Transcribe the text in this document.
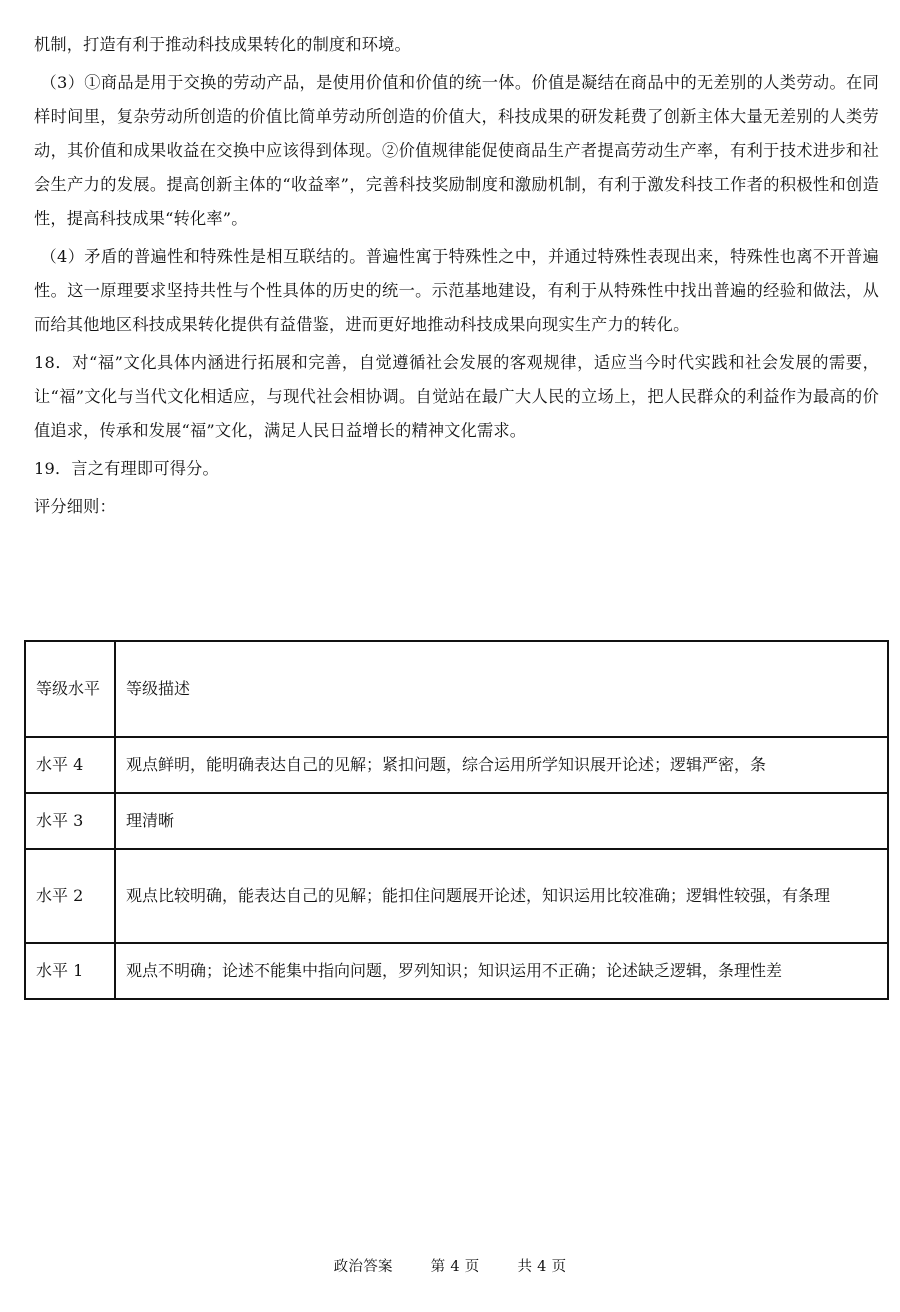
机制，打造有利于推动科技成果转化的制度和环境。

（3）①商品是用于交换的劳动产品，是使用价值和价值的统一体。价值是凝结在商品中的无差别的人类劳动。在同样时间里，复杂劳动所创造的价值比简单劳动所创造的价值大，科技成果的研发耗费了创新主体大量无差别的人类劳动，其价值和成果收益在交换中应该得到体现。②价值规律能促使商品生产者提高劳动生产率，有利于技术进步和社会生产力的发展。提高创新主体的“收益率”，完善科技奖励制度和激励机制，有利于激发科技工作者的积极性和创造性，提高科技成果“转化率”。

（4）矛盾的普遍性和特殊性是相互联结的。普遍性寓于特殊性之中，并通过特殊性表现出来，特殊性也离不开普遍性。这一原理要求坚持共性与个性具体的历史的统一。示范基地建设，有利于从特殊性中找出普遍的经验和做法，从而给其他地区科技成果转化提供有益借鉴，进而更好地推动科技成果向现实生产力的转化。

18．对“福”文化具体内涵进行拓展和完善，自觉遵循社会发展的客观规律，适应当今时代实践和社会发展的需要，让“福”文化与当代文化相适应，与现代社会相协调。自觉站在最广大人民的立场上，把人民群众的利益作为最高的价值追求，传承和发展“福”文化，满足人民日益增长的精神文化需求。

19．言之有理即可得分。

评分细则：

等级水平	等级描述
水平 4	观点鲜明，能明确表达自己的见解；紧扣问题，综合运用所学知识展开论述；逻辑严密，条
水平 3	理清晰
水平 2	观点比较明确，能表达自己的见解；能扣住问题展开论述，知识运用比较准确；逻辑性较强，有条理
水平 1	观点不明确；论述不能集中指向问题，罗列知识；知识运用不正确；论述缺乏逻辑，条理性差
政治答案	第 4 页	共 4 页
